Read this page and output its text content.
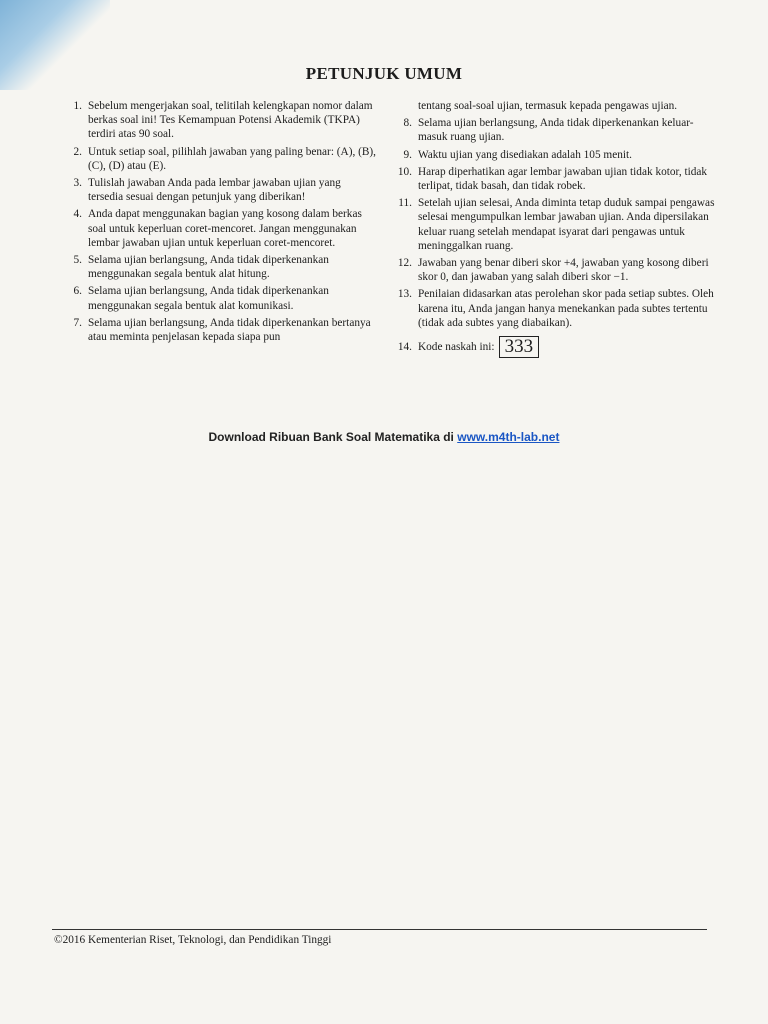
PETUNJUK UMUM
1. Sebelum mengerjakan soal, telitilah kelengkapan nomor dalam berkas soal ini! Tes Kemampuan Potensi Akademik (TKPA) terdiri atas 90 soal.
2. Untuk setiap soal, pilihlah jawaban yang paling benar: (A), (B), (C), (D) atau (E).
3. Tulislah jawaban Anda pada lembar jawaban ujian yang tersedia sesuai dengan petunjuk yang diberikan!
4. Anda dapat menggunakan bagian yang kosong dalam berkas soal untuk keperluan coret-mencoret. Jangan menggunakan lembar jawaban ujian untuk keperluan coret-mencoret.
5. Selama ujian berlangsung, Anda tidak diperkenankan menggunakan segala bentuk alat hitung.
6. Selama ujian berlangsung, Anda tidak diperkenankan menggunakan segala bentuk alat komunikasi.
7. Selama ujian berlangsung, Anda tidak diperkenankan bertanya atau meminta penjelasan kepada siapa pun
tentang soal-soal ujian, termasuk kepada pengawas ujian.
8. Selama ujian berlangsung, Anda tidak diperkenankan keluar-masuk ruang ujian.
9. Waktu ujian yang disediakan adalah 105 menit.
10. Harap diperhatikan agar lembar jawaban ujian tidak kotor, tidak terlipat, tidak basah, dan tidak robek.
11. Setelah ujian selesai, Anda diminta tetap duduk sampai pengawas selesai mengumpulkan lembar jawaban ujian. Anda dipersilakan keluar ruang setelah mendapat isyarat dari pengawas untuk meninggalkan ruang.
12. Jawaban yang benar diberi skor +4, jawaban yang kosong diberi skor 0, dan jawaban yang salah diberi skor −1.
13. Penilaian didasarkan atas perolehan skor pada setiap subtes. Oleh karena itu, Anda jangan hanya menekankan pada subtes tertentu (tidak ada subtes yang diabaikan).
14. Kode naskah ini: 333
Download Ribuan Bank Soal Matematika di www.m4th-lab.net
©2016 Kementerian Riset, Teknologi, dan Pendidikan Tinggi
